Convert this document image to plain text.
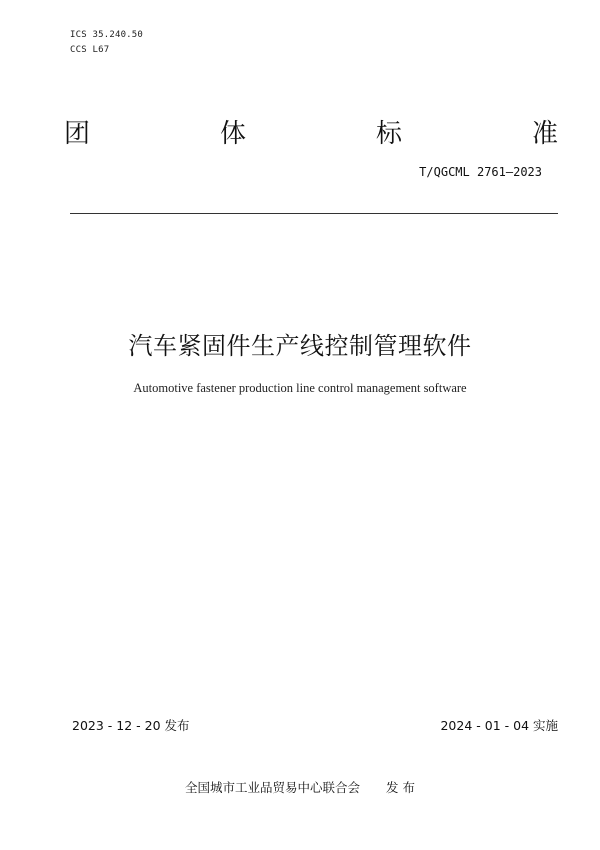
ICS 35.240.50
CCS L67
团	体	标	准
T/QGCML 2761—2023
汽车紧固件生产线控制管理软件
Automotive fastener production line control management software
2023 - 12 - 20 发布	2024 - 01 - 04 实施
全国城市工业品贸易中心联合会 发 布
